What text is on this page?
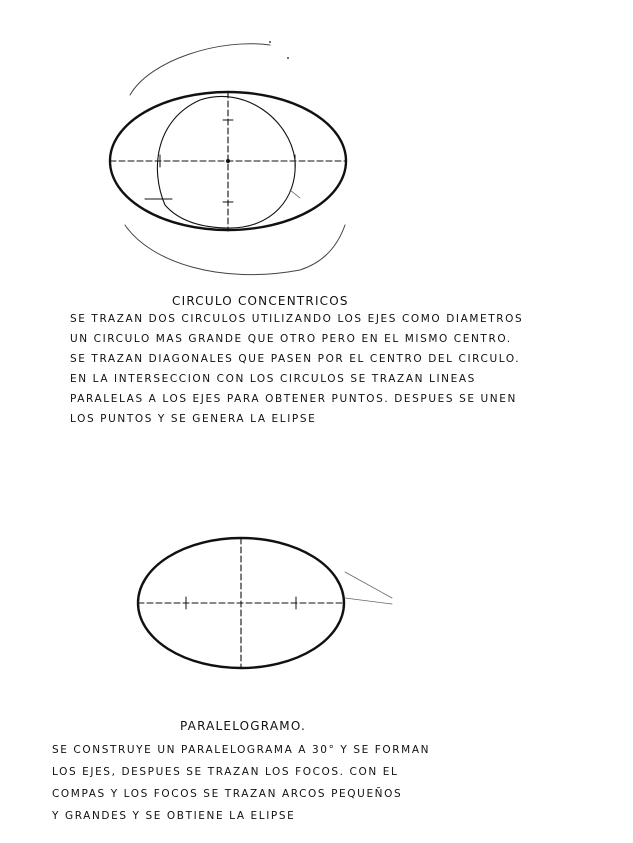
CIRCULO CONCENTRICOS
SE TRAZAN DOS CIRCULOS UTILIZANDO LOS EJES COMO DIAMETROS
UN CIRCULO MAS GRANDE QUE OTRO PERO EN EL MISMO CENTRO.
SE TRAZAN DIAGONALES QUE PASEN POR EL CENTRO DEL CIRCULO.
EN LA INTERSECCION CON LOS CIRCULOS SE TRAZAN LINEAS
PARALELAS A LOS EJES PARA OBTENER PUNTOS. DESPUES SE UNEN
LOS PUNTOS Y SE GENERA LA ELIPSE
PARALELOGRAMO.
SE CONSTRUYE UN PARALELOGRAMA A 30° Y SE FORMAN
LOS EJES, DESPUES SE TRAZAN LOS FOCOS. CON EL
COMPAS Y LOS FOCOS SE TRAZAN ARCOS PEQUEÑOS
Y GRANDES Y SE OBTIENE LA ELIPSE
